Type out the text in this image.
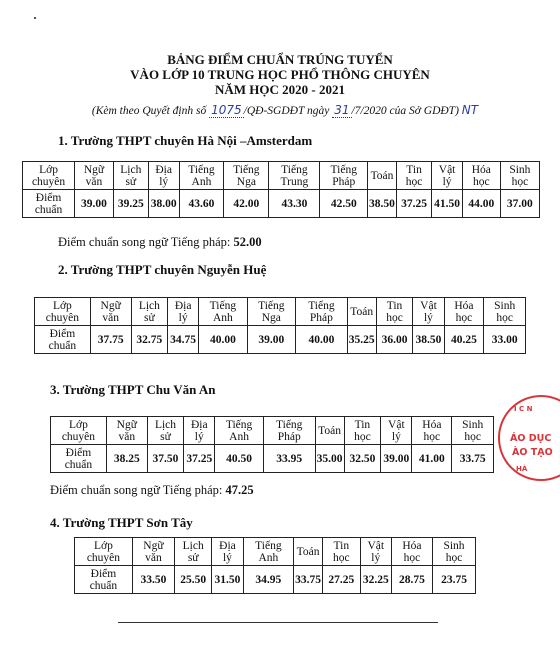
BẢNG ĐIỂM CHUẨN TRÚNG TUYỂN
VÀO LỚP 10 TRUNG HỌC PHỔ THÔNG CHUYÊN
NĂM HỌC 2020 - 2021
(Kèm theo Quyết định số 1075 /QĐ-SGDĐT ngày 31 /7/2020 của Sở GDĐT) NT
1. Trường THPT chuyên Hà Nội –Amsterdam
Lớp chuyên	Ngữ văn	Lịch sử	Địa lý	Tiếng Anh	Tiếng Nga	Tiếng Trung	Tiếng Pháp	Toán	Tin học	Vật lý	Hóa học	Sinh học
Điểm chuẩn	39.00	39.25	38.00	43.60	42.00	43.30	42.50	38.50	37.25	41.50	44.00	37.00
Điểm chuẩn song ngữ Tiếng pháp: 52.00
2. Trường THPT chuyên Nguyễn Huệ
Lớp chuyên	Ngữ văn	Lịch sử	Địa lý	Tiếng Anh	Tiếng Nga	Tiếng Pháp	Toán	Tin học	Vật lý	Hóa học	Sinh học
Điểm chuẩn	37.75	32.75	34.75	40.00	39.00	40.00	35.25	36.00	38.50	40.25	33.00
3. Trường THPT Chu Văn An
Lớp chuyên	Ngữ văn	Lịch sử	Địa lý	Tiếng Anh	Tiếng Pháp	Toán	Tin học	Vật lý	Hóa học	Sinh học
Điểm chuẩn	38.25	37.50	37.25	40.50	33.95	35.00	32.50	39.00	41.00	33.75
Điểm chuẩn song ngữ Tiếng pháp: 47.25
4. Trường THPT Sơn Tây
Lớp chuyên	Ngữ văn	Lịch sử	Địa lý	Tiếng Anh	Toán	Tin học	Vật lý	Hóa học	Sinh học
Điểm chuẩn	33.50	25.50	31.50	34.95	33.75	27.25	32.25	28.75	23.75
I C N
ÁO DỤC
ÀO TẠO
HÀ
